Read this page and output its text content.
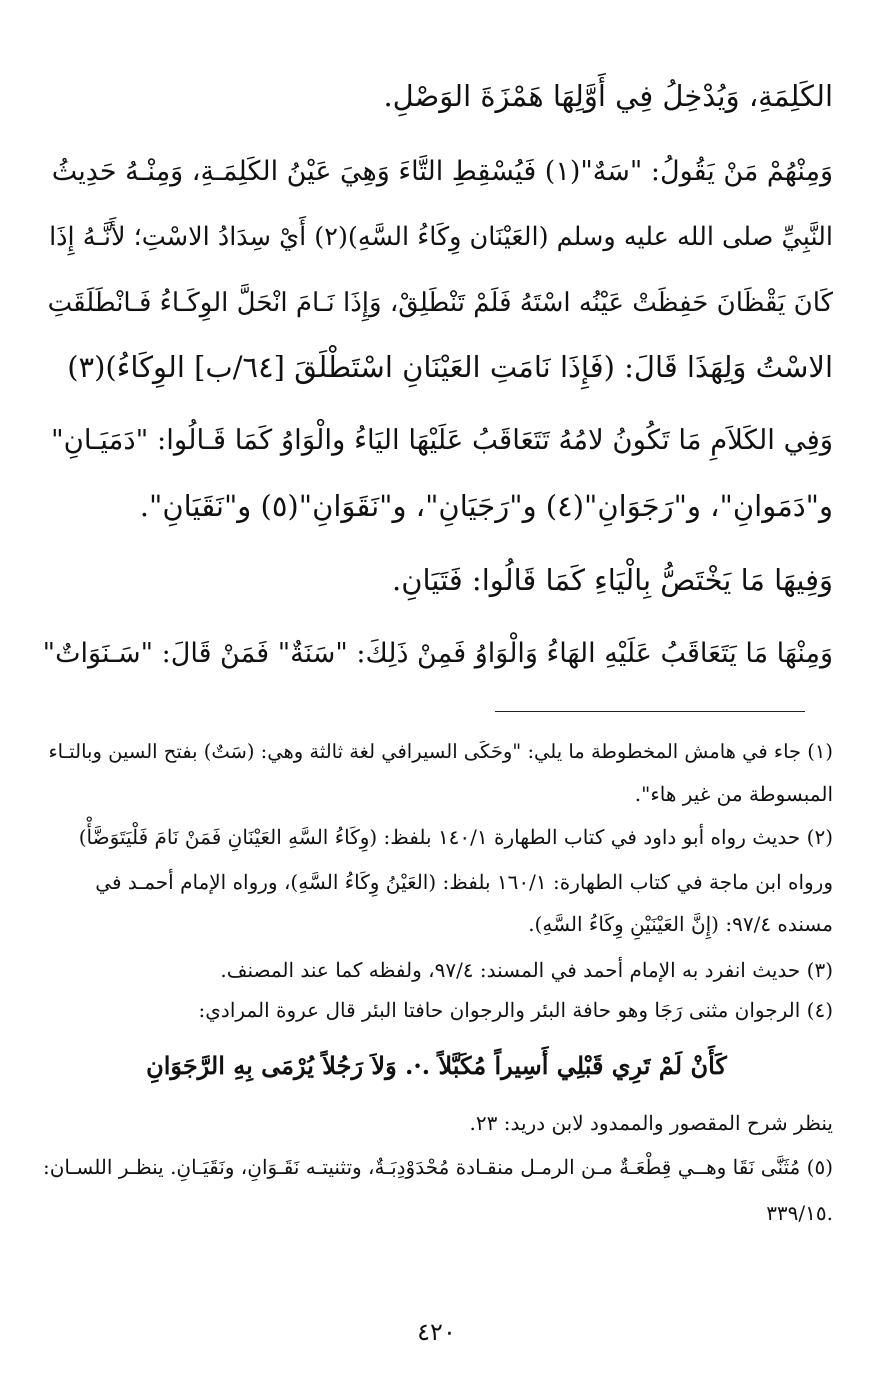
الكَلِمَةِ، وَيُدْخِلُ فِي أَوَّلِهَا هَمْزَةَ الوَصْلِ.
وَمِنْهُمْ مَنْ يَقُولُ: "سَهٌ"(١) فَيُسْقِطِ التَّاءَ وَهِيَ عَيْنُ الكَلِمَـةِ، وَمِنْـهُ حَدِيثُ
النَّبِيِّ صلى الله عليه وسلم (العَيْنَان وِكَاءُ السَّهِ)(٢) أَيْ سِدَادُ الاسْتِ؛ لأَنَّـهُ إِذَا
كَانَ يَقْظَانَ حَفِظَتْ عَيْنُه اسْتَهُ فَلَمْ تَنْطَلِقْ، وَإِذَا نَـامَ انْحَلَّ الوِكَـاءُ فَـانْطَلَقَتِ
الاسْتُ وَلِهَذَا قَالَ: (فَإِذَا نَامَتِ العَيْنَانِ اسْتَطْلَقَ [٦٤/ب] الوِكَاءُ)(٣)
وَفِي الكَلاَمِ مَا تَكُونُ لامُهُ تَتَعَاقَبُ عَلَيْهَا اليَاءُ والْوَاوُ كَمَا قَـالُوا: "دَمَيَـانِ"
و"دَمَوانِ"، و"رَجَوَانِ"(٤) و"رَجَيَانِ"، و"نَقَوَانِ"(٥) و"نَقَيَانِ".
وَفِيهَا مَا يَخْتَصُّ بِالْيَاءِ كَمَا قَالُوا: فَتَيَانِ.
وَمِنْهَا مَا يَتَعَاقَبُ عَلَيْهِ الهَاءُ وَالْوَاوُ فَمِنْ ذَلِكَ: "سَنَةٌ" فَمَنْ قَالَ: "سَـنَوَاتٌ"
(١) جاء في هامش المخطوطة ما يلي: "وحَكَى السيرافي لغة ثالثة وهي: (سَتٌ) بفتح السين وبالتـاء
المبسوطة من غير هاء".
(٢) حديث رواه أبو داود في كتاب الطهارة ١٤٠/١ بلفظ: (وِكَاءُ السَّهِ العَيْنَانِ فَمَنْ نَامَ فَلْيَتَوَضَّأْ)
ورواه ابن ماجة في كتاب الطهارة: ١٦٠/١ بلفظ: (العَيْنُ وِكَاءُ السَّهِ)، ورواه الإمام أحمـد في
مسنده ٩٧/٤: (إِنَّ العَيْنَيْنِ وِكَاءُ السَّهِ).
(٣) حديث انفرد به الإمام أحمد في المسند: ٩٧/٤، ولفظه كما عند المصنف.
(٤) الرجوان مثنى رَجَا وهو حافة البئر والرجوان حافتا البئر قال عروة المرادي:
كَأَنْ لَمْ تَرِي قَبْلِي أَسِيراً مُكَبَّلاً .·. وَلاَ رَجُلاً يُرْمَى بِهِ الرَّجَوَانِ
ينظر شرح المقصور والممدود لابن دريد: ٢٣.
(٥) مُثَنَّى نَقَا وهــي قِطْعَـةٌ مـن الرمـل منقـادة مُحْدَوْدِبَـةٌ، وتثنيتـه نَقَـوَانِ، ونَقَيَـانِ. ينظـر اللسـان:
.٣٣٩/١٥
٤٢٠
